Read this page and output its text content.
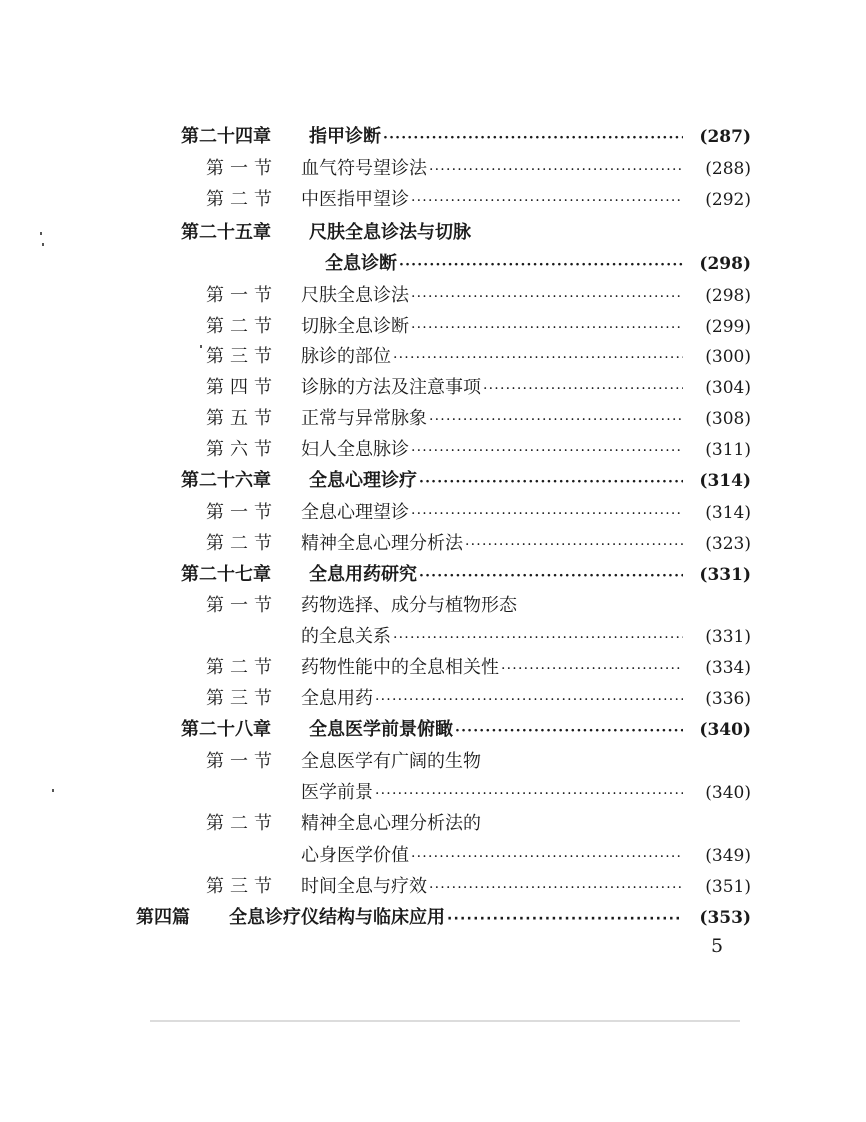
第二十四章	指甲诊断 ·····	(287)
第一节	血气符号望诊法 ·····	(288)
第二节	中医指甲望诊 ·····	(292)
第二十五章	尺肤全息诊法与切脉
全息诊断 ·····	(298)
第一节	尺肤全息诊法 ·····	(298)
第二节	切脉全息诊断 ·····	(299)
第三节	脉诊的部位 ·····	(300)
第四节	诊脉的方法及注意事项 ·····	(304)
第五节	正常与异常脉象 ·····	(308)
第六节	妇人全息脉诊 ·····	(311)
第二十六章	全息心理诊疗 ·····	(314)
第一节	全息心理望诊 ·····	(314)
第二节	精神全息心理分析法 ·····	(323)
第二十七章	全息用药研究 ·····	(331)
第一节	药物选择、成分与植物形态
的全息关系 ·····	(331)
第二节	药物性能中的全息相关性 ·····	(334)
第三节	全息用药 ·····	(336)
第二十八章	全息医学前景俯瞰 ·····	(340)
第一节	全息医学有广阔的生物
医学前景 ·····	(340)
第二节	精神全息心理分析法的
心身医学价值 ·····	(349)
第三节	时间全息与疗效 ·····	(351)
第四篇	全息诊疗仪结构与临床应用 ·····	(353)
5
